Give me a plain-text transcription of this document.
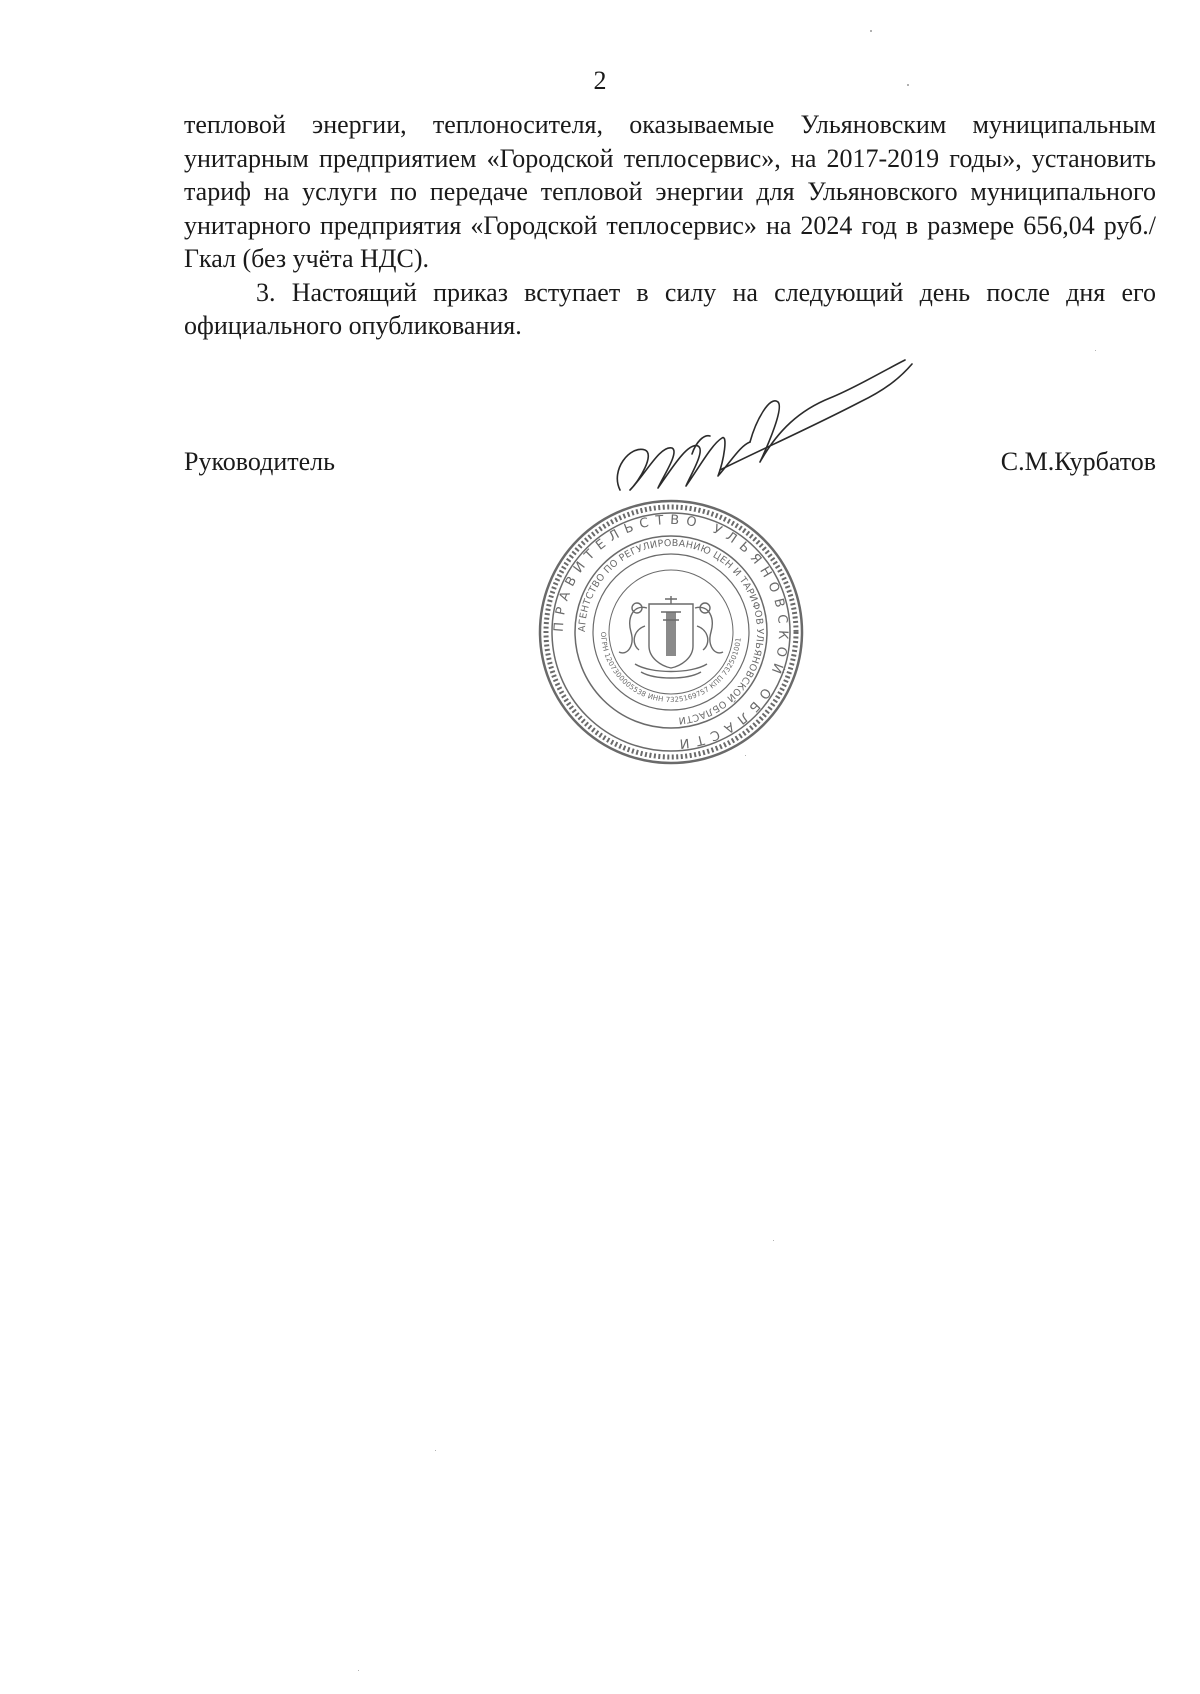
2

тепловой энергии, теплоносителя, оказываемые Ульяновским муниципальным унитарным предприятием «Городской теплосервис», на 2017-2019 годы», установить тариф на услуги по передаче тепловой энергии для Ульяновского муниципального унитарного предприятия «Городской теплосервис» на 2024 год в размере 656,04 руб./Гкал (без учёта НДС).

3. Настоящий приказ вступает в силу на следующий день после дня его официального опубликования.

Руководитель	С.М.Курбатов
ПРАВИТЕЛЬСТВО УЛЬЯНОВСКОЙ ОБЛАСТИ
АГЕНТСТВО ПО РЕГУЛИРОВАНИЮ ЦЕН И ТАРИФОВ УЛЬЯНОВСКОЙ ОБЛАСТИ
ОГРН 1207300005538 ИНН 7325169757 КПП 732501001
